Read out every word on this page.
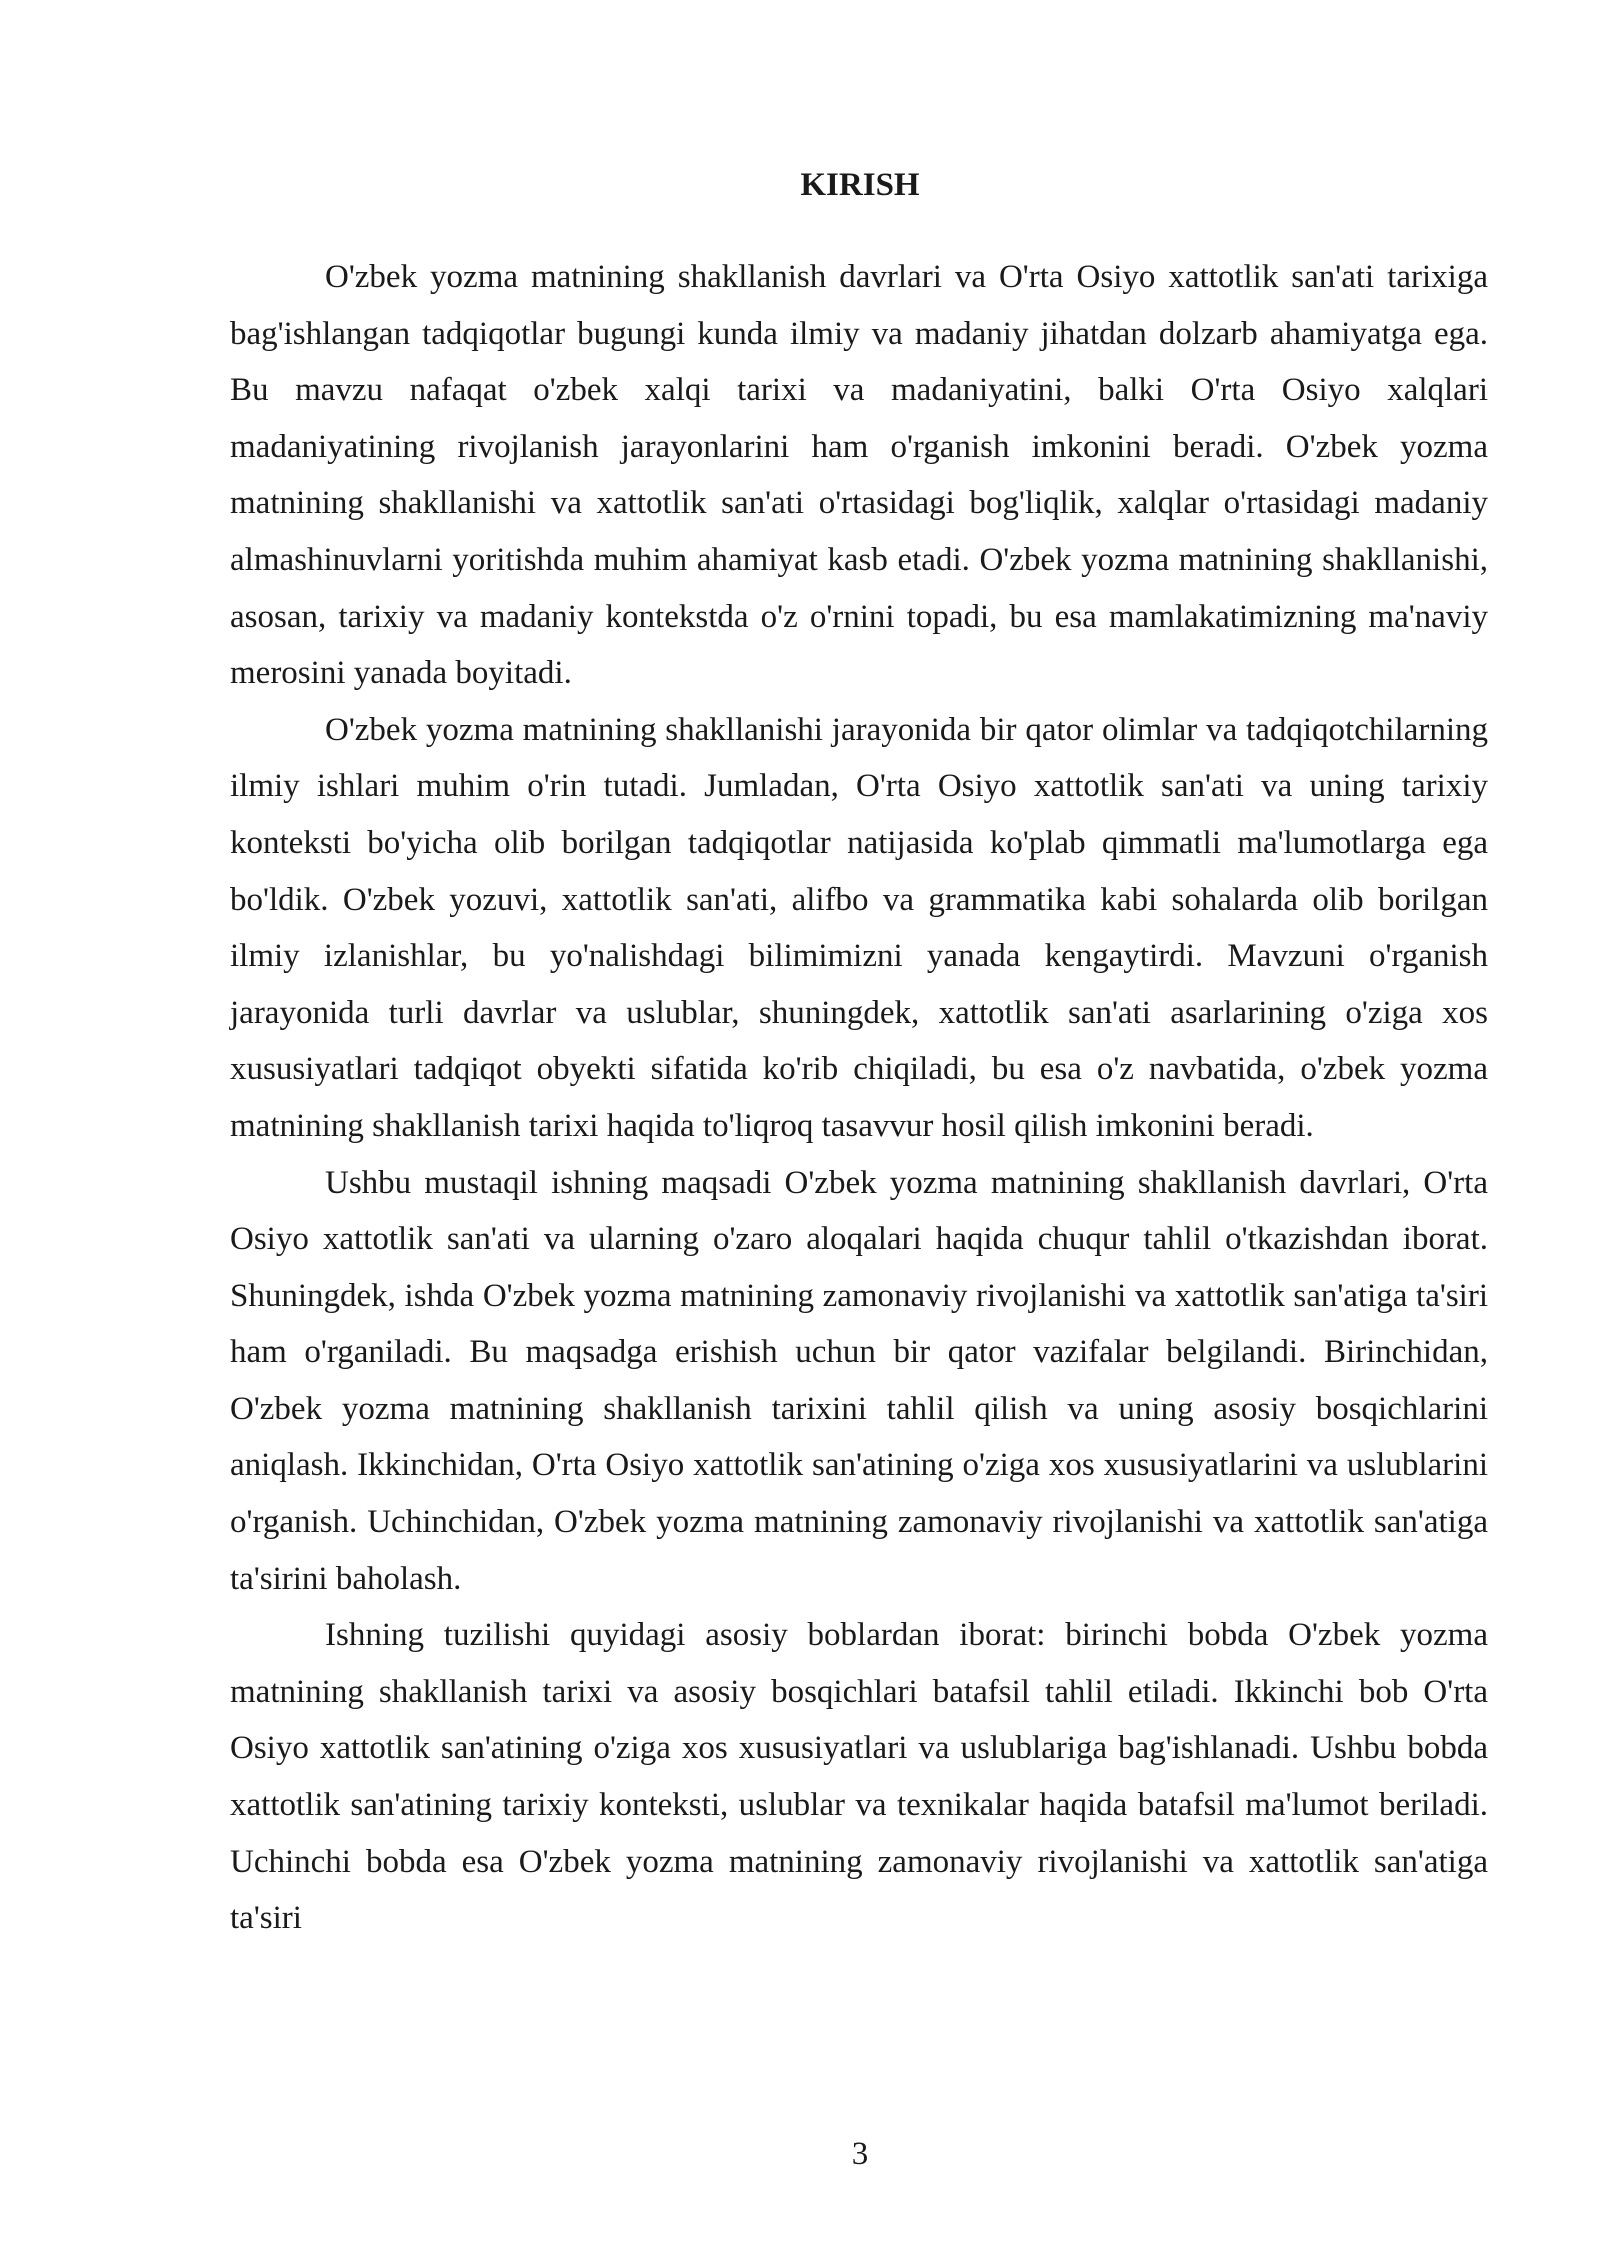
KIRISH

O'zbek yozma matnining shakllanish davrlari va O'rta Osiyo xattotlik san'ati tarixiga bag'ishlangan tadqiqotlar bugungi kunda ilmiy va madaniy jihatdan dolzarb ahamiyatga ega. Bu mavzu nafaqat o'zbek xalqi tarixi va madaniyatini, balki O'rta Osiyo xalqlari madaniyatining rivojlanish jarayonlarini ham o'rganish imkonini beradi. O'zbek yozma matnining shakllanishi va xattotlik san'ati o'rtasidagi bog'liqlik, xalqlar o'rtasidagi madaniy almashinuvlarni yoritishda muhim ahamiyat kasb etadi. O'zbek yozma matnining shakllanishi, asosan, tarixiy va madaniy kontekstda o'z o'rnini topadi, bu esa mamlakatimizning ma'naviy merosini yanada boyitadi.

O'zbek yozma matnining shakllanishi jarayonida bir qator olimlar va tadqiqotchilarning ilmiy ishlari muhim o'rin tutadi. Jumladan, O'rta Osiyo xattotlik san'ati va uning tarixiy konteksti bo'yicha olib borilgan tadqiqotlar natijasida ko'plab qimmatli ma'lumotlarga ega bo'ldik. O'zbek yozuvi, xattotlik san'ati, alifbo va grammatika kabi sohalarda olib borilgan ilmiy izlanishlar, bu yo'nalishdagi bilimimizni yanada kengaytirdi. Mavzuni o'rganish jarayonida turli davrlar va uslublar, shuningdek, xattotlik san'ati asarlarining o'ziga xos xususiyatlari tadqiqot obyekti sifatida ko'rib chiqiladi, bu esa o'z navbatida, o'zbek yozma matnining shakllanish tarixi haqida to'liqroq tasavvur hosil qilish imkonini beradi.

Ushbu mustaqil ishning maqsadi O'zbek yozma matnining shakllanish davrlari, O'rta Osiyo xattotlik san'ati va ularning o'zaro aloqalari haqida chuqur tahlil o'tkazishdan iborat. Shuningdek, ishda O'zbek yozma matnining zamonaviy rivojlanishi va xattotlik san'atiga ta'siri ham o'rganiladi. Bu maqsadga erishish uchun bir qator vazifalar belgilandi. Birinchidan, O'zbek yozma matnining shakllanish tarixini tahlil qilish va uning asosiy bosqichlarini aniqlash. Ikkinchidan, O'rta Osiyo xattotlik san'atining o'ziga xos xususiyatlarini va uslublarini o'rganish. Uchinchidan, O'zbek yozma matnining zamonaviy rivojlanishi va xattotlik san'atiga ta'sirini baholash.

Ishning tuzilishi quyidagi asosiy boblardan iborat: birinchi bobda O'zbek yozma matnining shakllanish tarixi va asosiy bosqichlari batafsil tahlil etiladi. Ikkinchi bob O'rta Osiyo xattotlik san'atining o'ziga xos xususiyatlari va uslublariga bag'ishlanadi. Ushbu bobda xattotlik san'atining tarixiy konteksti, uslublar va texnikalar haqida batafsil ma'lumot beriladi. Uchinchi bobda esa O'zbek yozma matnining zamonaviy rivojlanishi va xattotlik san'atiga ta'siri

3
